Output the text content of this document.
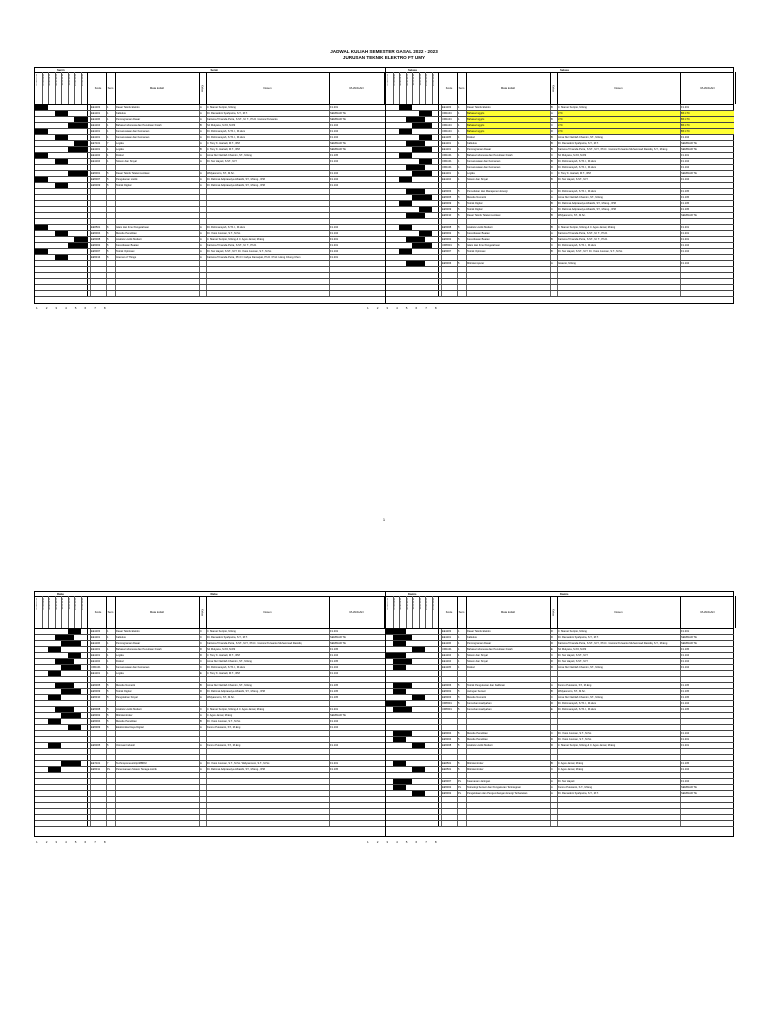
JADWAL KULIAH SEMESTER GASAL 2022 - 2023
JURUSAN TEKNIK ELEKTRO FT UMY
Senin	Senin
07.00-07.50 07.50-08.40 08.40-09.30 09.30-10.20 10.20-11.10 11.10-12.00 12.00-12.50 12.50-13.40
Kode	Sem	Mata kuliah	Kelas	Dosen	RUANGAN
EE1103	1	Dasar Teknik Elektro	A	Ir. Slamet Suripto, M.Eng	F1.201
EE1101	1	Kalkulus	A	Dr. Ramadoni Syahputra, S.T., M.T.	SEMINAR TE
EE1106	1	Pemrograman Dasar	A	Karisma Trinanda Putra, S.ST., M. T., Ph.D / Aurora Purwanto	SEMINAR TE
EE1104	1	Bahasa Indonesia dan Penulisan Ilmiah	B	Sri Mulyana, S.Pd, M.Pd	F1.104
EE1101	1	Kemanusiaan dan Keimanan	A	Dr. Rohmansyah, S.Th.I., M.Hum	F1.104
EE1101	1	Kemanusiaan dan Keimanan	A	Dr. Rohmansyah, S.Th.I., M.Hum	F1.104
EE7101	7	Logika	A	Ir. Tony K. Hariadi, M.T., IPM	SEMINAR TE
EE1101	1	Logika	B	Ir. Tony K. Hariadi, M.T., IPM	SEMINAR TE
EE1102	1	Fisika I	A	Anna Nur Nazilah Chamim, ST., M.Eng	F1.105
EE1104	1	Sistem dan Sinyal	A	Dr. Nur Hayati, S.ST., M.T.	F1.104
EE5301	5	Dasar Teknik Telekomunikasi	A	Widyasmoro, ST., M.Sc.	F1.104
EE5307	5	Pengukuran Listrik	A	Dr. Rahmat Adiprasetya Alhasibi, ST., M.Eng., IPM	F1.104
EE5309	5	Teknik Digital	A	Dr. Rahmat Adiprasetya Alhasibi, ST., M.Eng., IPM	F1.104
EE6501	6	Islam dan Ilmu Pengetahuan	A	Dr. Rohmansyah, S.Th.I., M.Hum	F1.104
EE5304	5	Metode Penelitian	A	Dr. Yessi Jusman, S.T., M.Sc.	F1.104
EE5308	5	Analisis Listrik Modern	A	Ir. Slamet Suripto, M.Eng & Ir. Agus Jamal, M.Eng	F1.201
EE5302	5	Kecerdasan Buatan	A	Karisma Trinanda Putra, S.ST., M. T., Ph.D.	F1.201
EE5307	5	Teknik Optimasi	A	Dr. Nur Hayati, S.ST., M.T. Dr. Yessi Jusman, S.T., M.Sc.	F1.104
EE5313	5	Internet of Things	A	Karisma Trinanda Putra, Ph.D / Cahya Damarjati, Ph.D / Prof. Hsing Chung Chen	F1.201
Selasa	Selasa
07.00-07.50 07.50-08.40 08.40-09.30 09.30-10.20 10.20-11.10 11.10-12.00 12.00-12.50 12.50-13.40
Kode	Sem	Mata kuliah	Kelas	Dosen	RUANGAN
EE1103	1	Dasar Teknik Elektro	B	Ir. Slamet Suripto, M.Eng	F1.201
UM1104	1	Bahasa Inggris	A	LTC	BK LTC
UM1104	1	Bahasa Inggris	B	LTC	BK LTC
UM1104	1	Bahasa Inggris	C	LTC	BK LTC
UM1104	1	Bahasa Inggris	D	LTC	BK LTC
EE1105	1	Fisika I	B	Anna Nur Nazilah Chamim, ST., M.Eng	F1.104
EE1101	1	Kalkulus	B	Dr. Ramadoni Syahputra, S.T., M.T.	SEMINAR TE
EE1101	1	Pemrograman Dasar	B	Karisma Trinanda Putra, S.ST., M.T., Ph.D. / Aurora Purwanto Muhammad Rasidiq, S.T., M.Eng	SEMINAR TE
UM1101	1	Bahasa Indonesia dan Penulisan Ilmiah	C	Sri Mulyana, S.Pd, M.Pd	F1.201
UM1101	1	Kemanusiaan dan Keimanan	B	Dr. Rohmansyah, S.Th.I., M.Hum	F1.104
UM1101	1	Kemanusiaan dan Keimanan	D	Dr. Rohmansyah, S.Th.I., M.Hum	F1.104
EE1101	1	Logika	C	Ir. Tony K. Hariadi, M.T., IPM	SEMINAR TE
EE1104	1	Sistem dan Sinyal	B	Dr. Nur Hayati, S.ST., M.T.	F1.104
EE5303	5	Pemodelan dan Manajemen Energi	A	Dr. Rohmansyah, S.Th.I., M.Hum	F1.105
EE5305	5	Metode Numerik	A	Anna Nur Nazilah Chamim, ST., M.Eng	F1.105
EE5309	5	Teknik Digital	B	Dr. Rahmat Adiprasetya Alhasibi, ST., M.Eng., IPM	F1.105
EE5309	5	Teknik Digital	C	Dr. Rahmat Adiprasetya Alhasibi, ST., M.Eng., IPM	F1.105
EE5310	5	Dasar Teknik Telekomunikasi	B	Widyasmoro, ST., M.Sc.	SEMINAR TE
EE5308	5	Analisis Listrik Modern	B	Ir. Slamet Suripto, M.Eng & Ir. Agus Jamal, M.Eng	F1.201
EE5302	5	Kecerdasan Buatan	A	Karisma Trinanda Putra, S.ST., M. T., Ph.D.	F1.201
EE5302	5	Kecerdasan Buatan	B	Karisma Trinanda Putra, S.ST., M. T., Ph.D.	F1.201
UM6501	5	Islam dan Ilmu Pengetahuan	C	Dr. Rohmansyah, S.Th.I., M.Hum	F1.104
EE5307	5	Teknik Optimasi	B	Dr. Nur Hayati, S.ST., M.T. Dr. Yessi Jusman, S.T., M.Sc.	F1.104
EE5306	5	Mikrokomputer	A	Iswanto, M.Eng	F1.104
1 2 3 4 5 6 7 8	1 2 3 4 5 6 7 8
1
Rabu	Rabu
07.00-07.50 07.50-08.40 08.40-09.30 09.30-10.20 10.20-11.10 11.10-12.00 12.00-12.50 12.50-13.40
Kode	Sem	Mata kuliah	Kelas	Dosen	RUANGAN
EE1103	1	Dasar Teknik Elektro	C	Ir. Slamet Suripto, M.Eng	F1.201
EE1101	1	Kalkulus	C	Dr. Ramadoni Syahputra, S.T., M.T.	SEMINAR TE
EE1106	1	Pemrograman Dasar	C	Karisma Trinanda Putra, S.ST., M.T., Ph.D. / Aurora Purwanto Muhammad Rasidiq	SEMINAR TE
EE1101	1	Bahasa Indonesia dan Penulisan Ilmiah	D	Sri Mulyana, S.Pd, M.Pd	F1.105
EE1101	1	Logika	D	Ir. Tony K. Hariadi, M.T., IPM	F1.104
EE1102	1	Fisika I	C	Anna Nur Nazilah Chamim, ST., M.Eng	F1.105
UM1101	1	Kemanusiaan dan Keimanan	C	Dr. Rohmansyah, S.Th.I., M.Hum	F1.104
EE1101	1	Logika	E	Ir. Tony K. Hariadi, M.T., IPM	F1.104
EE5305	5	Metode Numerik	B	Anna Nur Nazilah Chamim, ST., M.Eng	F1.105
EE5309	5	Teknik Digital	D	Dr. Rahmat Adiprasetya Alhasibi, ST., M.Eng., IPM	F1.105
EE5310	5	Pengolahan Sinyal	A	Widyasmoro, ST., M.Sc.	F1.105
EE5308	5	Analisis Listrik Modern	C	Ir. Slamet Suripto, M.Eng & Ir. Agus Jamal, M.Eng	F1.201
EE5302	5	Mikrokontroler	A	Ir. Agus Jamal, M.Eng	SEMINAR TE
EE5304	5	Metode Penelitian	B	Dr. Yessi Jusman, S.T., M.Sc.	F1.104
EE5309	5	Elektronika Daya Digital	A	Kunnu Purwanto, ST., M.Eng	F1.104
EE5305	5	Otomasi Industri	A	Kunnu Purwanto, ST., M.Eng	F1.104
EE7101	7	Technopreneurship/MBKM	A	Dr. Yessi Jusman, S.T., M.Sc. Widyasmoro, S.T., M.Sc.	F1.201
EE5311	PL	Perencanaan Sistem Tenaga Listrik	A	Dr. Rahmat Adiprasetya Alhasibi, ST., M.Eng., IPM	F1.105
Kamis	Kamis
07.00-07.50 07.50-08.40 08.40-09.30 09.30-10.20 10.20-11.10 11.10-12.00 12.00-12.50 12.50-13.40
Kode	Sem	Mata kuliah	Kelas	Dosen	RUANGAN
EE1103	1	Dasar Teknik Elektro	D	Ir. Slamet Suripto, M.Eng	F1.201
EE1101	1	Kalkulus	D	Dr. Ramadoni Syahputra, S.T., M.T.	SEMINAR TE
EE1106	1	Pemrograman Dasar	D	Karisma Trinanda Putra, S.ST., M.T., Ph.D. / Aurora Purwanto Muhammad Rasidiq, S.T., M.Eng	SEMINAR TE
UM1101	1	Bahasa Indonesia dan Penulisan Ilmiah	E	Sri Mulyana, S.Pd, M.Pd	F1.105
EE1104	1	Sistem dan Sinyal	C	Dr. Nur Hayati, S.ST., M.T.	F1.104
EE1104	1	Sistem dan Sinyal	D	Dr. Nur Hayati, S.ST., M.T.	F1.104
EE1105	1	Fisika I	D	Anna Nur Nazilah Chamim, ST., M.Eng	F1.104
EE5306	5	Teknik Pengukuran dan Kalibrasi	A	Kunnu Purwanto, ST., M.Eng	F1.105
EE5302	5	Jaringan Sensor	B	Widyasmoro, ST., M.Sc.	F1.105
EE5303	5	Metode Numerik	C	Anna Nur Nazilah Chamim, ST., M.Eng	F1.105
UM6501	5	Kemuhammadiyahan	D	Dr. Rohmansyah, S.Th.I., M.Hum	F1.104
UM6501	5	Kemuhammadiyahan	E	Dr. Rohmansyah, S.Th.I., M.Hum	F1.105
EE5304	5	Metode Penelitian	C	Dr. Yessi Jusman, S.T., M.Sc.	F1.104
EE5304	5	Metode Penelitian	D	Dr. Yessi Jusman, S.T., M.Sc.	F1.201
EE5308	5	Analisis Listrik Modern	D	Ir. Slamet Suripto, M.Eng & Ir. Agus Jamal, M.Eng	F1.201
EE6501	5	Mikrokontroler	B	Ir. Agus Jamal, M.Eng	F1.105
EE6501	5	Mikrokontroler	C	Ir. Agus Jamal, M.Eng	F1.104
EE5307	PL	Keamanan Jaringan	A	Dr. Nur Hayati	F1.104
EE5302	PL	Teknologi Sensor dan Pengukuran Terintegrasi	A	Kunnu Purwanto, S.T., M.Eng	SEMINAR TE
EE5302	PL	Pengelolaan dan Pengembangan Energi Terbarukan	A	Dr. Ramadoni Syahputra, S.T., M.T.	SEMINAR TE
1 2 3 4 5 6 7 8	1 2 3 4 5 6 7 8
